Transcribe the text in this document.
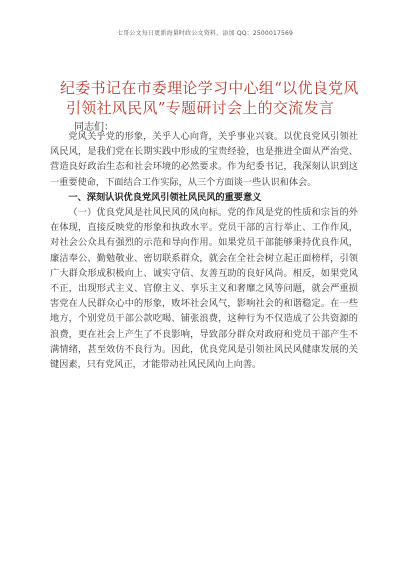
七哥公文每日更新海量时政公文资料，添加 QQ：2500017569
纪委书记在市委理论学习中心组“以优良党风
引领社风民风”专题研讨会上的交流发言
同志们：

党风关乎党的形象，关乎人心向背，关乎事业兴衰。以优良党风引领社风民风，是我们党在长期实践中形成的宝贵经验，也是推进全面从严治党、营造良好政治生态和社会环境的必然要求。作为纪委书记，我深刻认识到这一重要使命，下面结合工作实际，从三个方面谈一些认识和体会。

一、深刻认识优良党风引领社风民风的重要意义

（一）优良党风是社风民风的风向标。党的作风是党的性质和宗旨的外在体现，直接反映党的形象和执政水平。党员干部的言行举止、工作作风，对社会公众具有强烈的示范和导向作用。如果党员干部能够秉持优良作风，廉洁奉公、勤勉敬业、密切联系群众，就会在全社会树立起正面榜样，引领广大群众形成积极向上、诚实守信、友善互助的良好风尚。相反，如果党风不正，出现形式主义、官僚主义、享乐主义和奢靡之风等问题，就会严重损害党在人民群众心中的形象，败坏社会风气，影响社会的和谐稳定。在一些地方，个别党员干部公款吃喝、铺张浪费，这种行为不仅造成了公共资源的浪费，更在社会上产生了不良影响，导致部分群众对政府和党员干部产生不满情绪，甚至效仿不良行为。因此，优良党风是引领社风民风健康发展的关键因素，只有党风正，才能带动社风民风向上向善。
